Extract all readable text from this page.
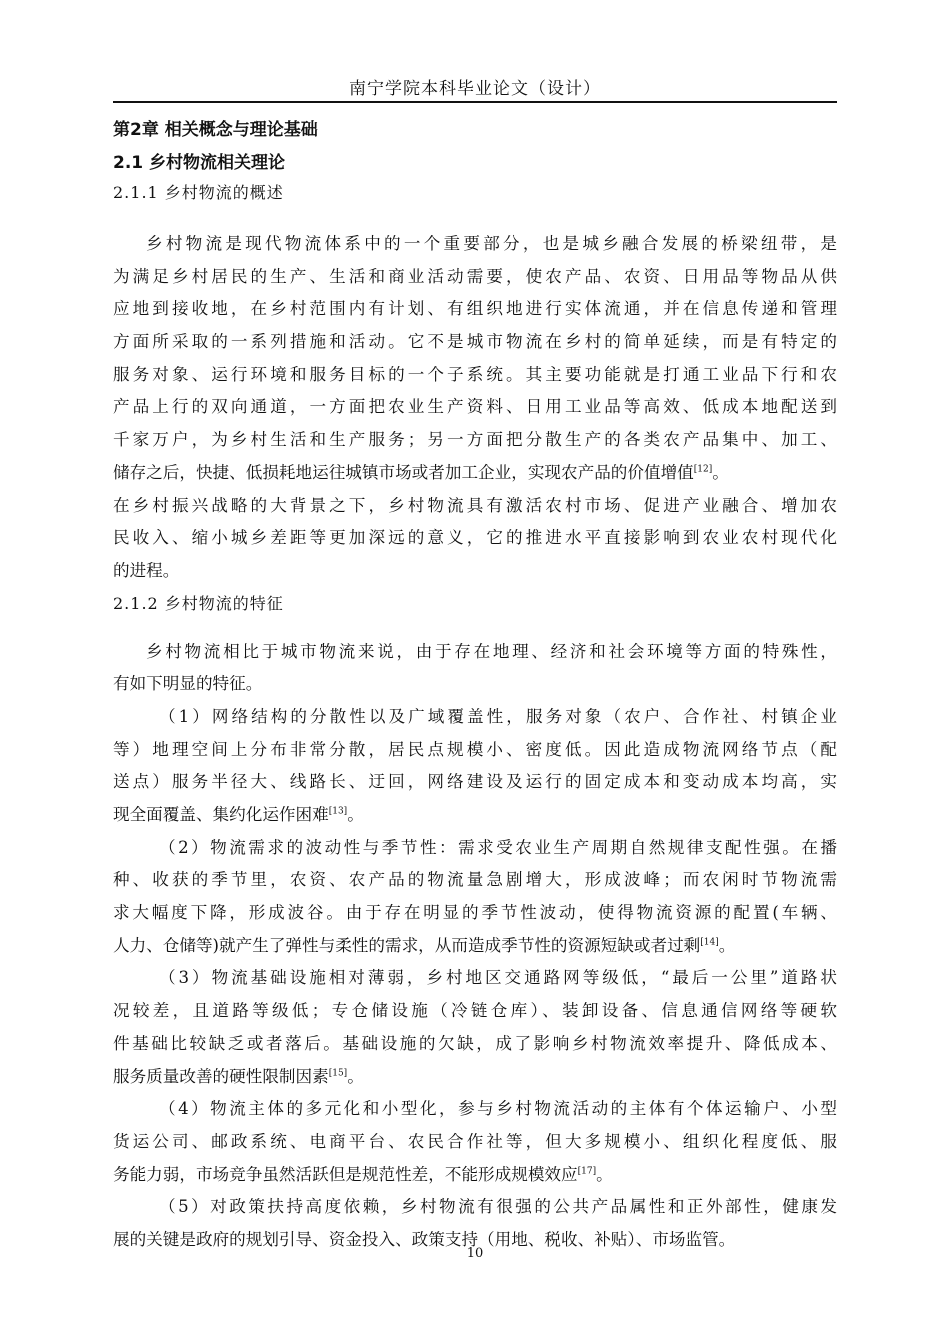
南宁学院本科毕业论文（设计）
第2章 相关概念与理论基础
2.1 乡村物流相关理论
2.1.1 乡村物流的概述
乡村物流是现代物流体系中的一个重要部分，也是城乡融合发展的桥梁纽带，是
为满足乡村居民的生产、生活和商业活动需要，使农产品、农资、日用品等物品从供
应地到接收地，在乡村范围内有计划、有组织地进行实体流通，并在信息传递和管理
方面所采取的一系列措施和活动。它不是城市物流在乡村的简单延续，而是有特定的
服务对象、运行环境和服务目标的一个子系统。其主要功能就是打通工业品下行和农
产品上行的双向通道，一方面把农业生产资料、日用工业品等高效、低成本地配送到
千家万户，为乡村生活和生产服务；另一方面把分散生产的各类农产品集中、加工、
储存之后，快捷、低损耗地运往城镇市场或者加工企业，实现农产品的价值增值[12]。
在乡村振兴战略的大背景之下，乡村物流具有激活农村市场、促进产业融合、增加农
民收入、缩小城乡差距等更加深远的意义，它的推进水平直接影响到农业农村现代化
的进程。
2.1.2 乡村物流的特征
乡村物流相比于城市物流来说，由于存在地理、经济和社会环境等方面的特殊性，
有如下明显的特征。
（1）网络结构的分散性以及广域覆盖性，服务对象（农户、合作社、村镇企业
等）地理空间上分布非常分散，居民点规模小、密度低。因此造成物流网络节点（配
送点）服务半径大、线路长、迂回，网络建设及运行的固定成本和变动成本均高，实
现全面覆盖、集约化运作困难[13]。
（2）物流需求的波动性与季节性：需求受农业生产周期自然规律支配性强。在播
种、收获的季节里，农资、农产品的物流量急剧增大，形成波峰；而农闲时节物流需
求大幅度下降，形成波谷。由于存在明显的季节性波动，使得物流资源的配置(车辆、
人力、仓储等)就产生了弹性与柔性的需求，从而造成季节性的资源短缺或者过剩[14]。
（3）物流基础设施相对薄弱，乡村地区交通路网等级低，“最后一公里”道路状
况较差，且道路等级低；专仓储设施（冷链仓库）、装卸设备、信息通信网络等硬软
件基础比较缺乏或者落后。基础设施的欠缺，成了影响乡村物流效率提升、降低成本、
服务质量改善的硬性限制因素[15]。
（4）物流主体的多元化和小型化，参与乡村物流活动的主体有个体运输户、小型
货运公司、邮政系统、电商平台、农民合作社等，但大多规模小、组织化程度低、服
务能力弱，市场竞争虽然活跃但是规范性差，不能形成规模效应[17]。
（5）对政策扶持高度依赖，乡村物流有很强的公共产品属性和正外部性，健康发
展的关键是政府的规划引导、资金投入、政策支持（用地、税收、补贴）、市场监管。
10
